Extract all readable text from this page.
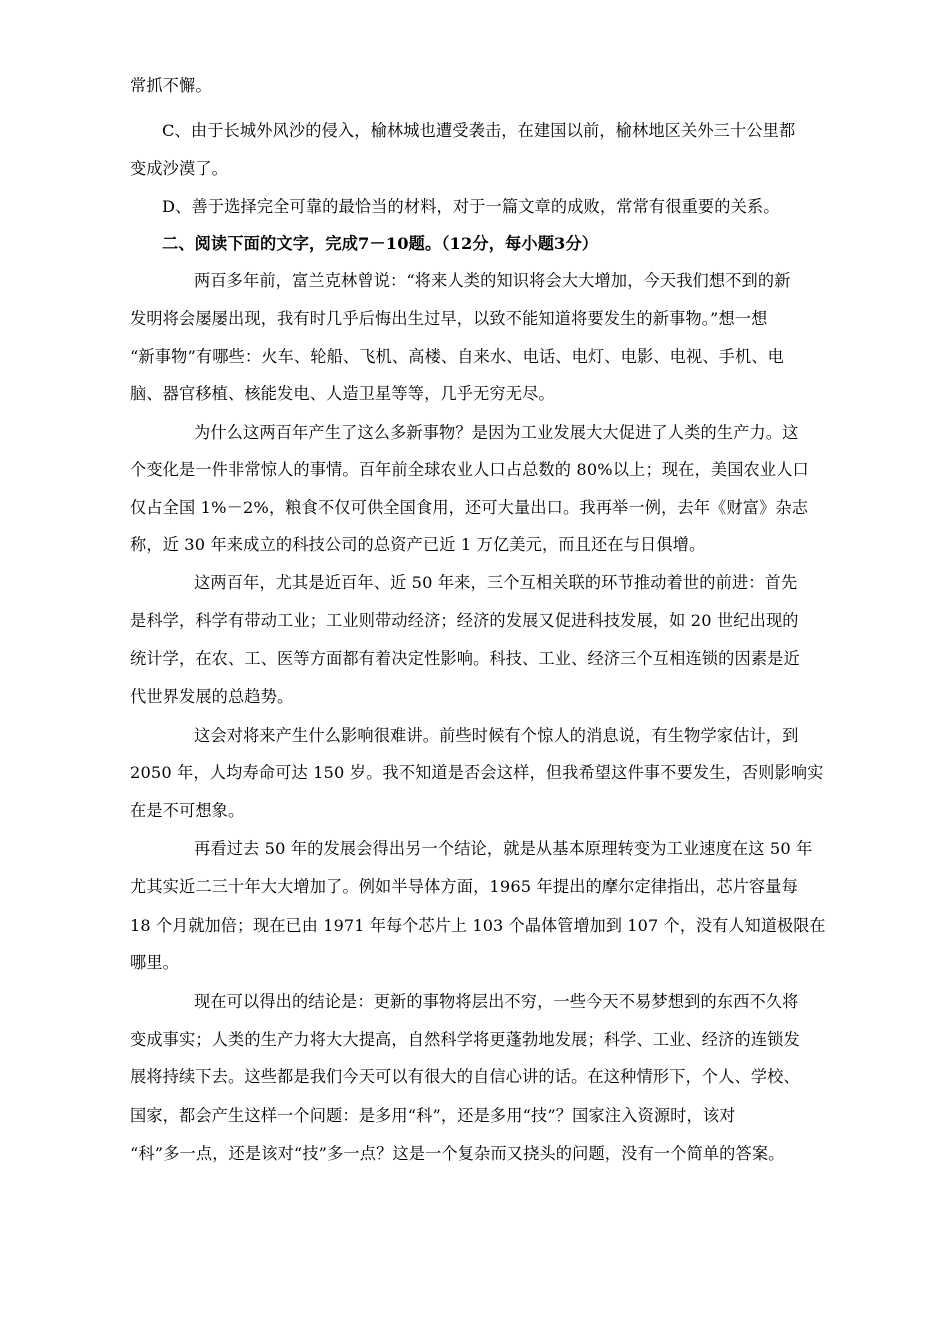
常抓不懈。
C、由于长城外风沙的侵入，榆林城也遭受袭击，在建国以前，榆林地区关外三十公里都
变成沙漠了。
D、善于选择完全可靠的最恰当的材料，对于一篇文章的成败，常常有很重要的关系。
二、阅读下面的文字，完成7－10题。（12分，每小题3分）
两百多年前，富兰克林曾说：“将来人类的知识将会大大增加，今天我们想不到的新
发明将会屡屡出现，我有时几乎后悔出生过早，以致不能知道将要发生的新事物。”想一想
“新事物”有哪些：火车、轮船、飞机、高楼、自来水、电话、电灯、电影、电视、手机、电
脑、器官移植、核能发电、人造卫星等等，几乎无穷无尽。
为什么这两百年产生了这么多新事物？是因为工业发展大大促进了人类的生产力。这
个变化是一件非常惊人的事情。百年前全球农业人口占总数的 80%以上；现在，美国农业人口
仅占全国 1%－2%，粮食不仅可供全国食用，还可大量出口。我再举一例，去年《财富》杂志
称，近 30 年来成立的科技公司的总资产已近 1 万亿美元，而且还在与日俱增。
这两百年，尤其是近百年、近 50 年来，三个互相关联的环节推动着世的前进：首先
是科学，科学有带动工业；工业则带动经济；经济的发展又促进科技发展，如 20 世纪出现的
统计学，在农、工、医等方面都有着决定性影响。科技、工业、经济三个互相连锁的因素是近
代世界发展的总趋势。
这会对将来产生什么影响很难讲。前些时候有个惊人的消息说，有生物学家估计，到
2050 年，人均寿命可达 150 岁。我不知道是否会这样，但我希望这件事不要发生，否则影响实
在是不可想象。
再看过去 50 年的发展会得出另一个结论，就是从基本原理转变为工业速度在这 50 年
尤其实近二三十年大大增加了。例如半导体方面，1965 年提出的摩尔定律指出，芯片容量每
18 个月就加倍；现在已由 1971 年每个芯片上 103 个晶体管增加到 107 个，没有人知道极限在
哪里。
现在可以得出的结论是：更新的事物将层出不穷，一些今天不易梦想到的东西不久将
变成事实；人类的生产力将大大提高，自然科学将更蓬勃地发展；科学、工业、经济的连锁发
展将持续下去。这些都是我们今天可以有很大的自信心讲的话。在这种情形下，个人、学校、
国家，都会产生这样一个问题：是多用“科”，还是多用“技”？国家注入资源时，该对
“科”多一点，还是该对“技”多一点？这是一个复杂而又挠头的问题，没有一个简单的答案。
